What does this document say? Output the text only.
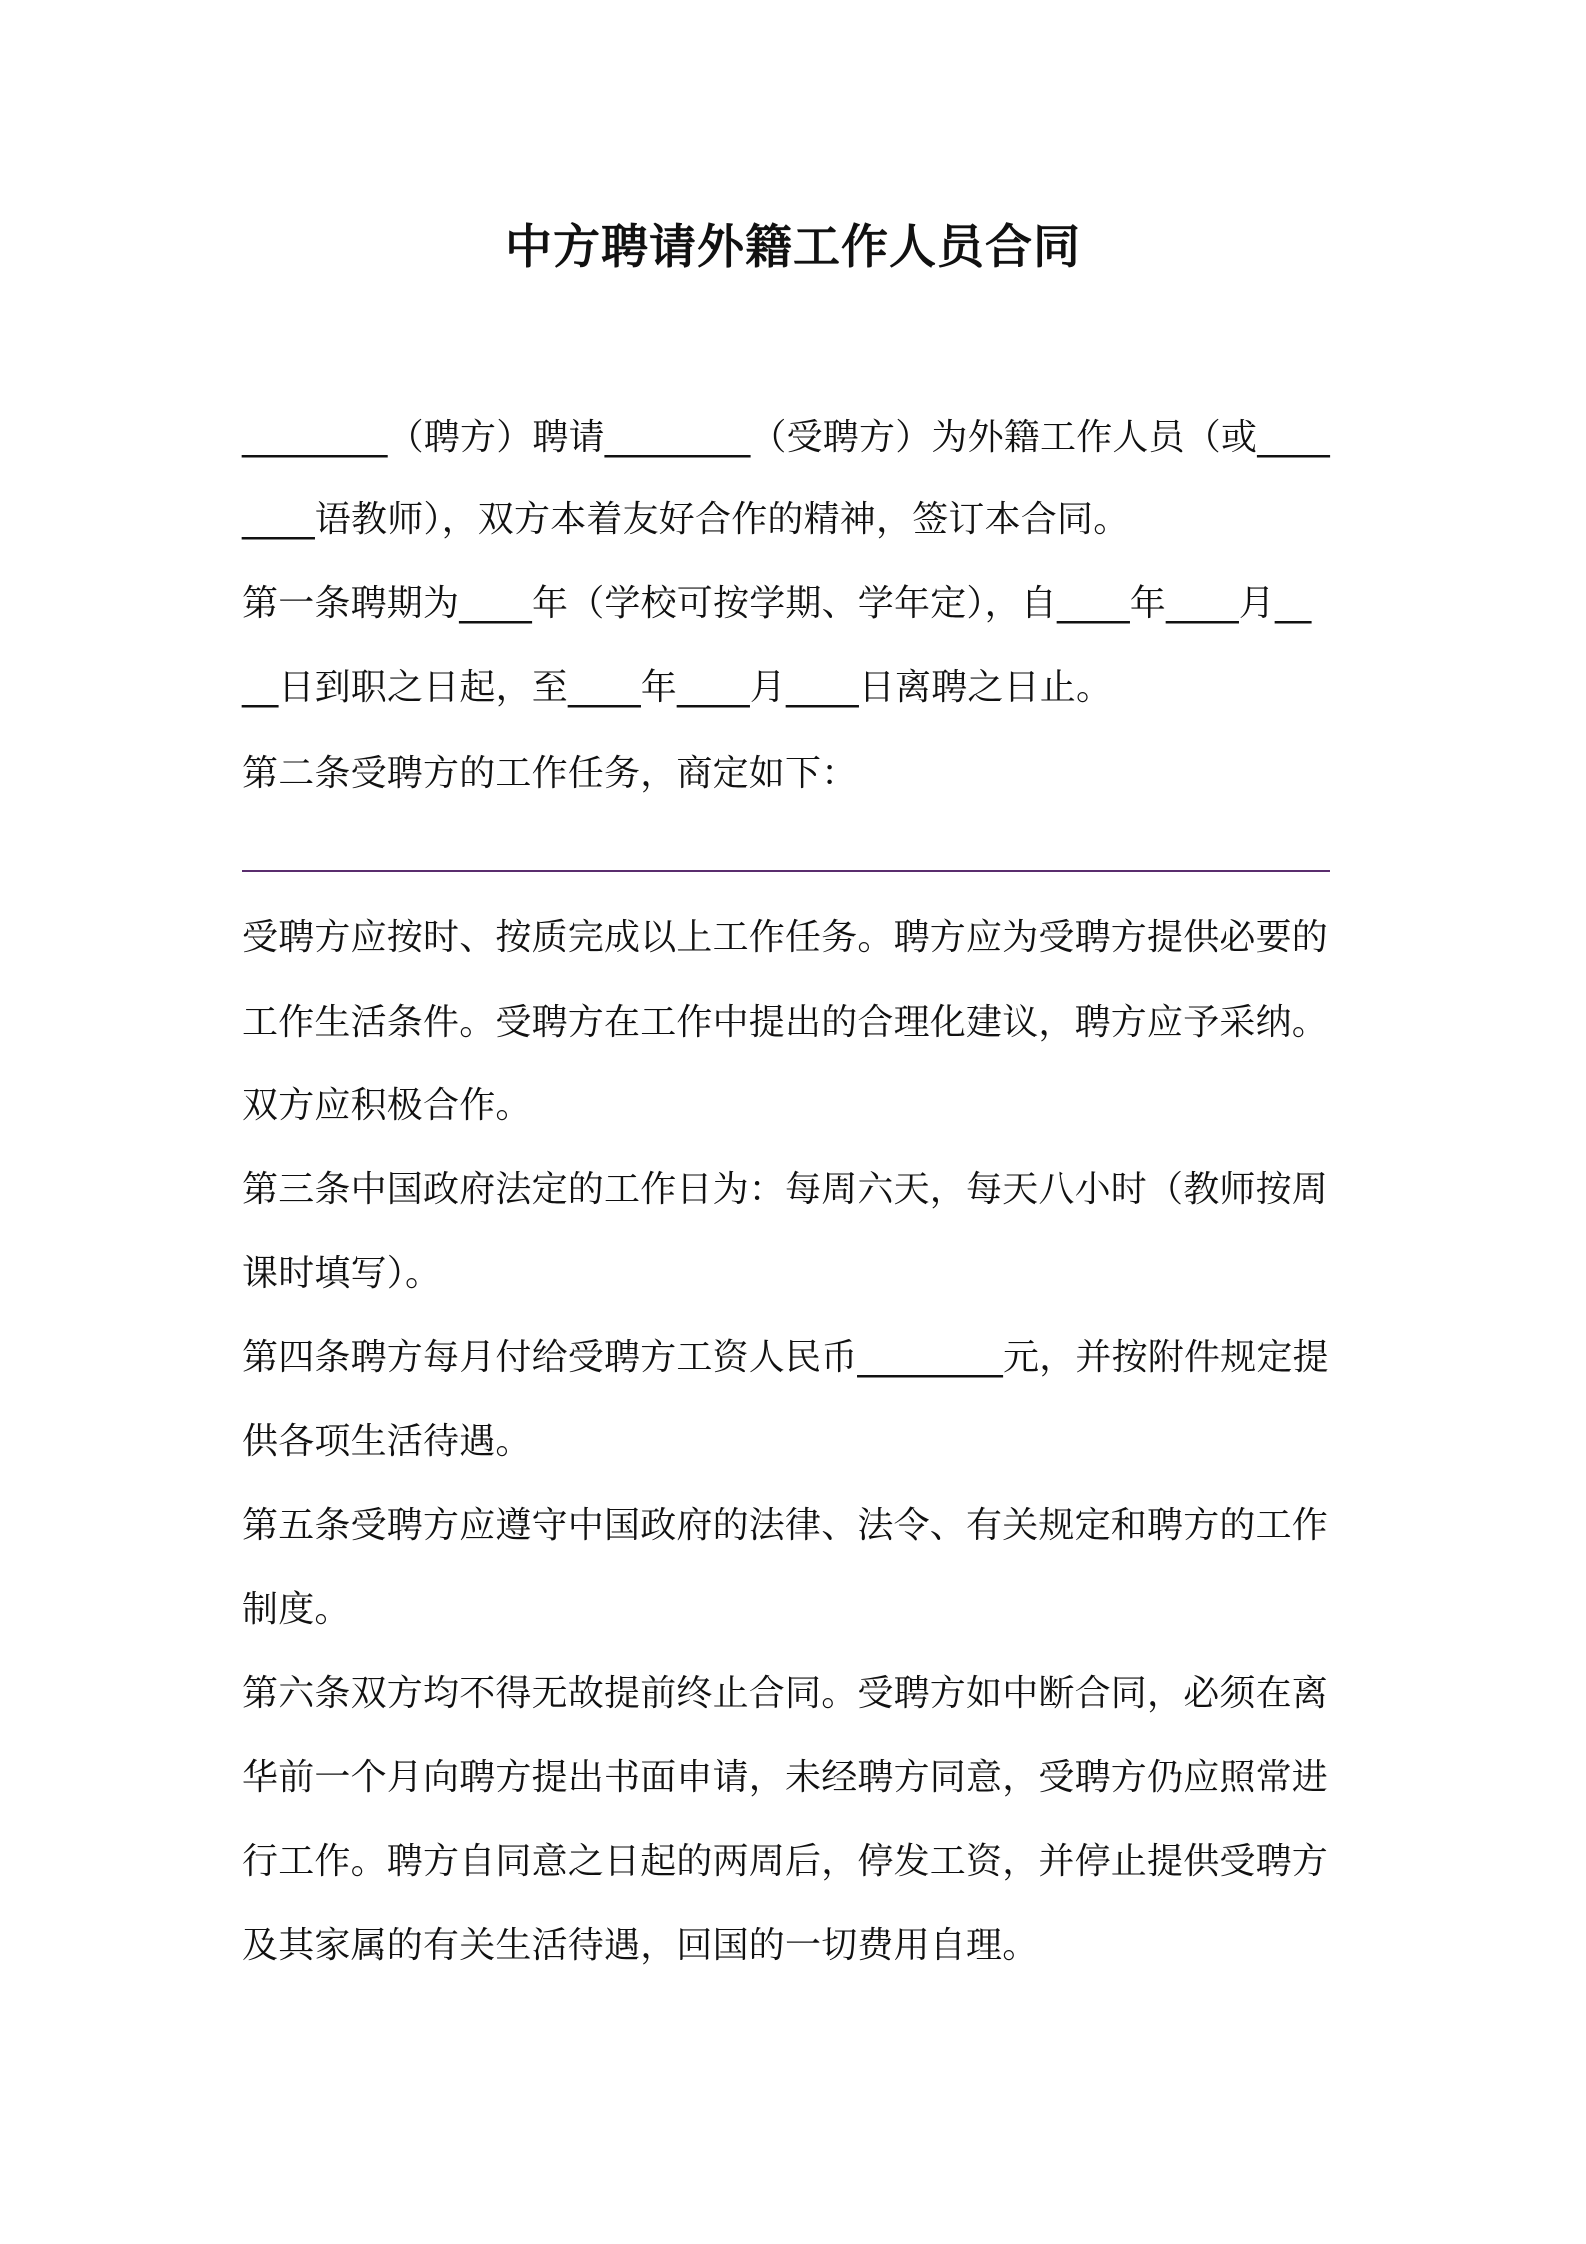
中方聘请外籍工作人员合同
________（聘方）聘请________（受聘方）为外籍工作人员（或____
____语教师），双方本着友好合作的精神，签订本合同。
第一条聘期为____年（学校可按学期、学年定），自____年____月__
__日到职之日起，至____年____月____日离聘之日止。
第二条受聘方的工作任务，商定如下：
受聘方应按时、按质完成以上工作任务。聘方应为受聘方提供必要的
工作生活条件。受聘方在工作中提出的合理化建议，聘方应予采纳。
双方应积极合作。
第三条中国政府法定的工作日为：每周六天，每天八小时（教师按周
课时填写）。
第四条聘方每月付给受聘方工资人民币________元，并按附件规定提
供各项生活待遇。
第五条受聘方应遵守中国政府的法律、法令、有关规定和聘方的工作
制度。
第六条双方均不得无故提前终止合同。受聘方如中断合同，必须在离
华前一个月向聘方提出书面申请，未经聘方同意，受聘方仍应照常进
行工作。聘方自同意之日起的两周后，停发工资，并停止提供受聘方
及其家属的有关生活待遇，回国的一切费用自理。
